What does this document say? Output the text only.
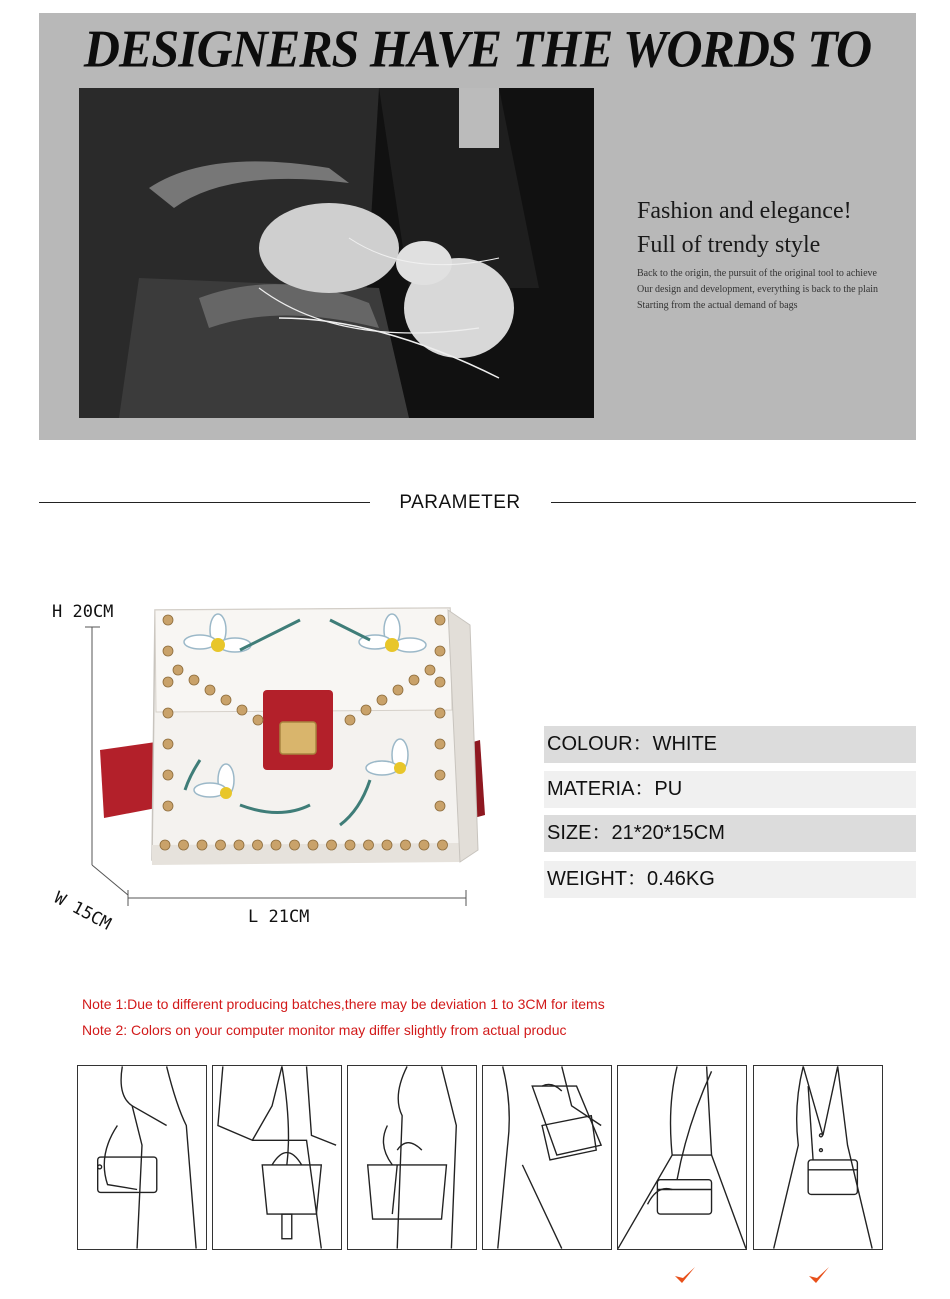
DESIGNERS HAVE THE WORDS TO
Fashion and elegance!
Full of trendy style
Back to the origin, the pursuit of the original tool to achieve
Our design and development, everything is back to the plain
Starting from the actual demand of bags
PARAMETER
H 20CM
W 15CM	L 21CM
COLOUR：WHITE
MATERIA：PU
SIZE：21*20*15CM
WEIGHT：0.46KG
Note 1:Due to different producing batches,there may be deviation 1 to 3CM for items
Note 2: Colors on your computer monitor may differ slightly from actual produc
